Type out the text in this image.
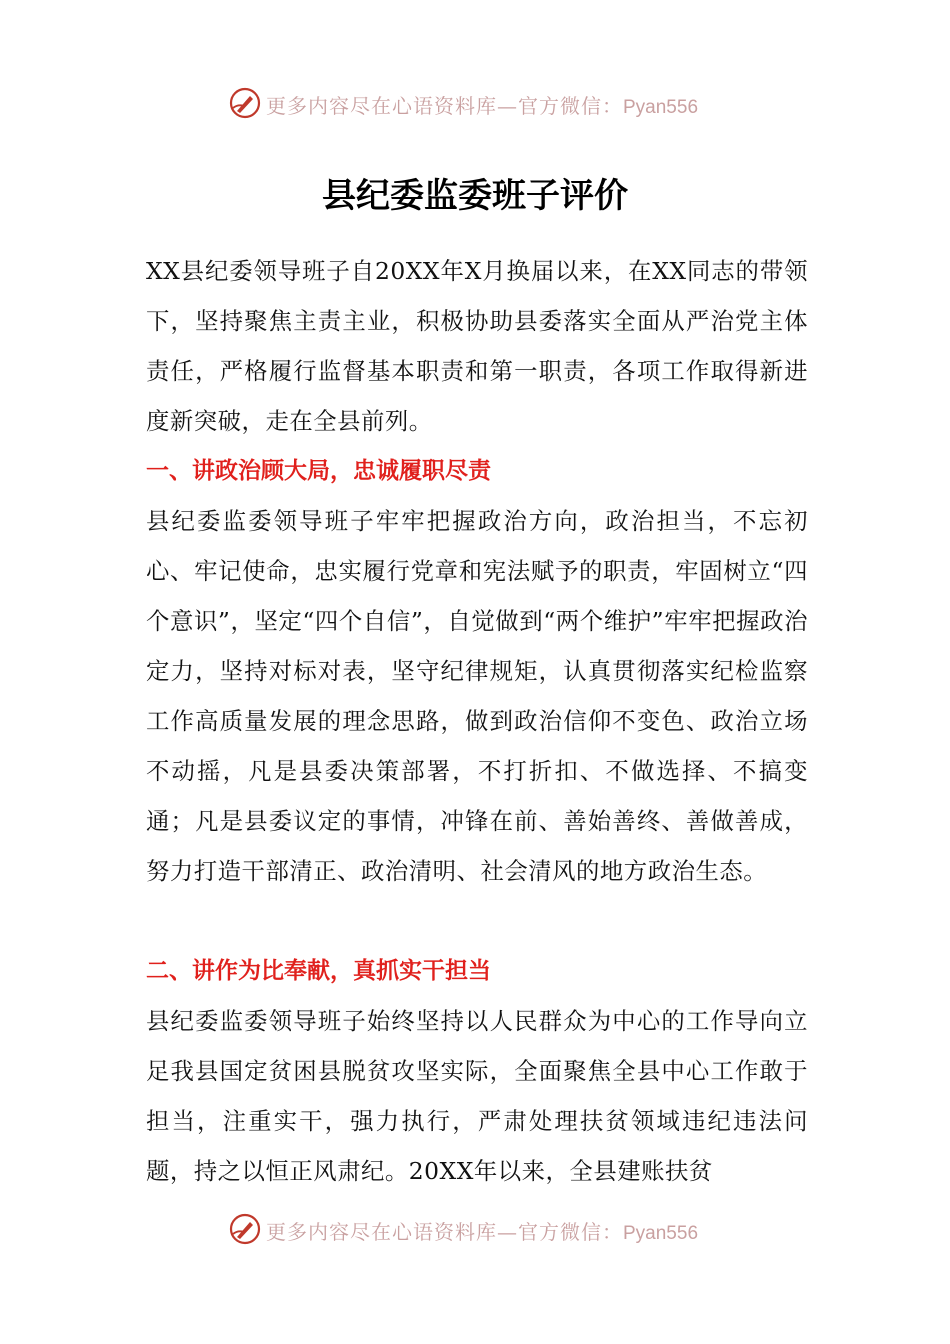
更多内容尽在心语资料库—官方微信：Pyan556
县纪委监委班子评价
XX县纪委领导班子自20XX年X月换届以来，在XX同志的带领下，坚持聚焦主责主业，积极协助县委落实全面从严治党主体责任，严格履行监督基本职责和第一职责，各项工作取得新进度新突破，走在全县前列。
一、讲政治顾大局，忠诚履职尽责
县纪委监委领导班子牢牢把握政治方向，政治担当，不忘初心、牢记使命，忠实履行党章和宪法赋予的职责，牢固树立“四个意识”，坚定“四个自信”，自觉做到“两个维护”牢牢把握政治定力，坚持对标对表，坚守纪律规矩，认真贯彻落实纪检监察工作高质量发展的理念思路，做到政治信仰不变色、政治立场不动摇，凡是县委决策部署，不打折扣、不做选择、不搞变通；凡是县委议定的事情，冲锋在前、善始善终、善做善成，努力打造干部清正、政治清明、社会清风的地方政治生态。
二、讲作为比奉献，真抓实干担当
县纪委监委领导班子始终坚持以人民群众为中心的工作导向立足我县国定贫困县脱贫攻坚实际，全面聚焦全县中心工作敢于担当，注重实干，强力执行，严肃处理扶贫领域违纪违法问题，持之以恒正风肃纪。20XX年以来，全县建账扶贫
更多内容尽在心语资料库—官方微信：Pyan556
